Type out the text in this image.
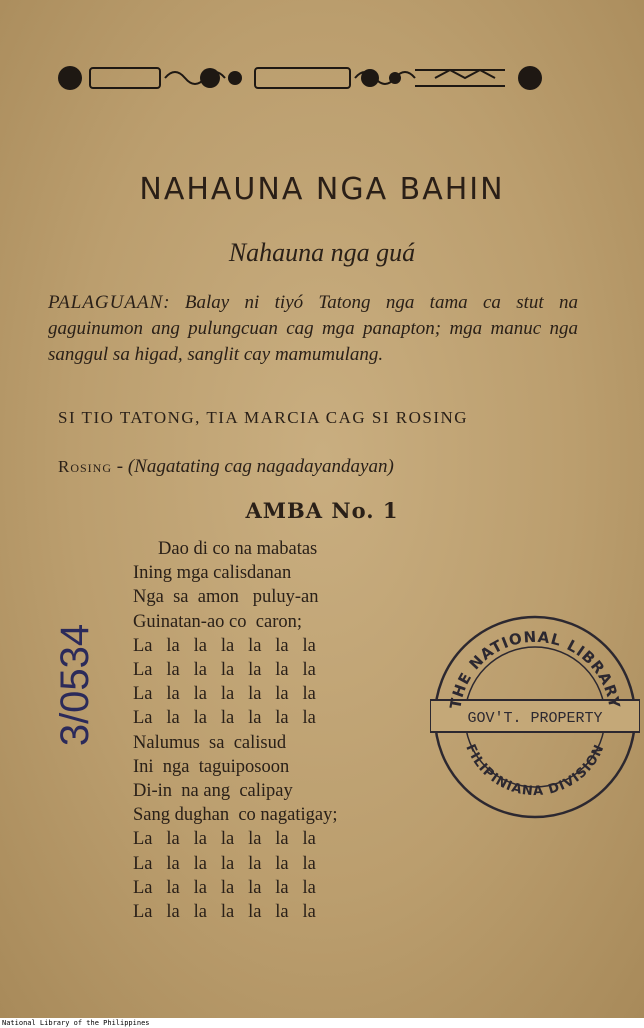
NAHAUNA NGA BAHIN
Nahauna nga guá
PALAGUAAN: Balay ni tiyó Tatong nga tama ca stut na gaguinumon ang pulungcuan cag mga panapton; mga manuc nga sanggul sa higad, sanglit cay mamumulang.
SI TIO TATONG, TIA MARCIA CAG SI ROSING
Rosing - (Nagatating cag nagadayandayan)
AMBA No. 1
Dao di co na mabatas
Ining mga calisdanan
Nga  sa  amon   puluy-an
Guinatan-ao co  caron;
La   la   la   la   la   la   la
La   la   la   la   la   la   la
La   la   la   la   la   la   la
La   la   la   la   la   la   la
Nalumus  sa  calisud
Ini  nga  taguiposoon
Di-in  na ang  calipay
Sang dughan  co nagatigay;
La   la   la   la   la   la   la
La   la   la   la   la   la   la
La   la   la   la   la   la   la
La   la   la   la   la   la   la
3/0534	THE NATIONAL LIBRARY
GOV'T. PROPERTY
FILIPINIANA DIVISION
National Library of the Philippines
